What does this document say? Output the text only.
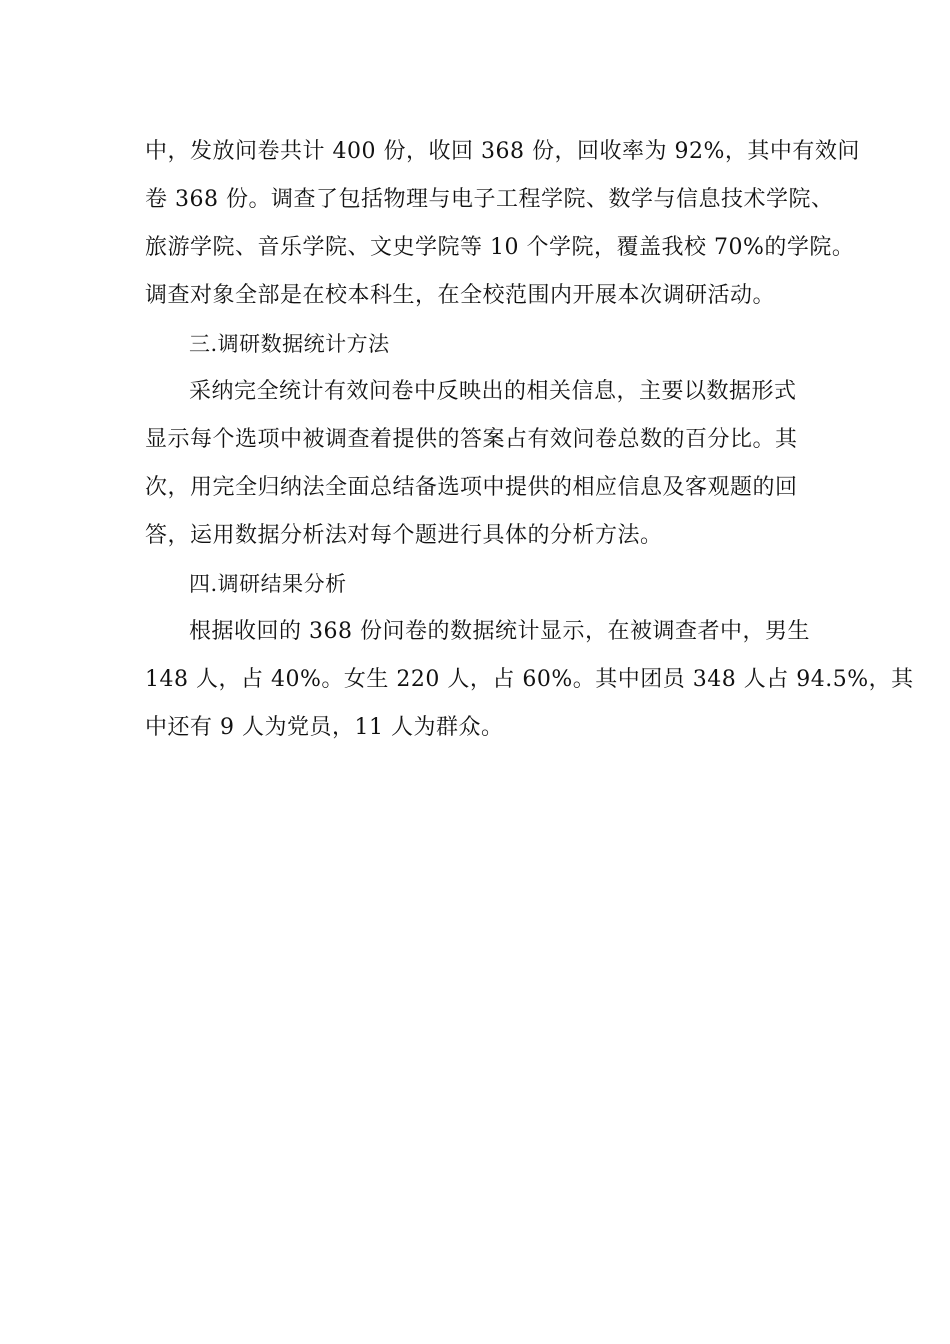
中，发放问卷共计 400 份，收回 368 份，回收率为 92%，其中有效问
卷 368 份。调查了包括物理与电子工程学院、数学与信息技术学院、
旅游学院、音乐学院、文史学院等 10 个学院，覆盖我校 70%的学院。
调查对象全部是在校本科生，在全校范围内开展本次调研活动。
三.调研数据统计方法
采纳完全统计有效问卷中反映出的相关信息，主要以数据形式
显示每个选项中被调查着提供的答案占有效问卷总数的百分比。其
次，用完全归纳法全面总结备选项中提供的相应信息及客观题的回
答，运用数据分析法对每个题进行具体的分析方法。
四.调研结果分析
根据收回的 368 份问卷的数据统计显示，在被调查者中，男生
148 人，占 40%。女生 220 人，占 60%。其中团员 348 人占 94.5%，其
中还有 9 人为党员，11 人为群众。
